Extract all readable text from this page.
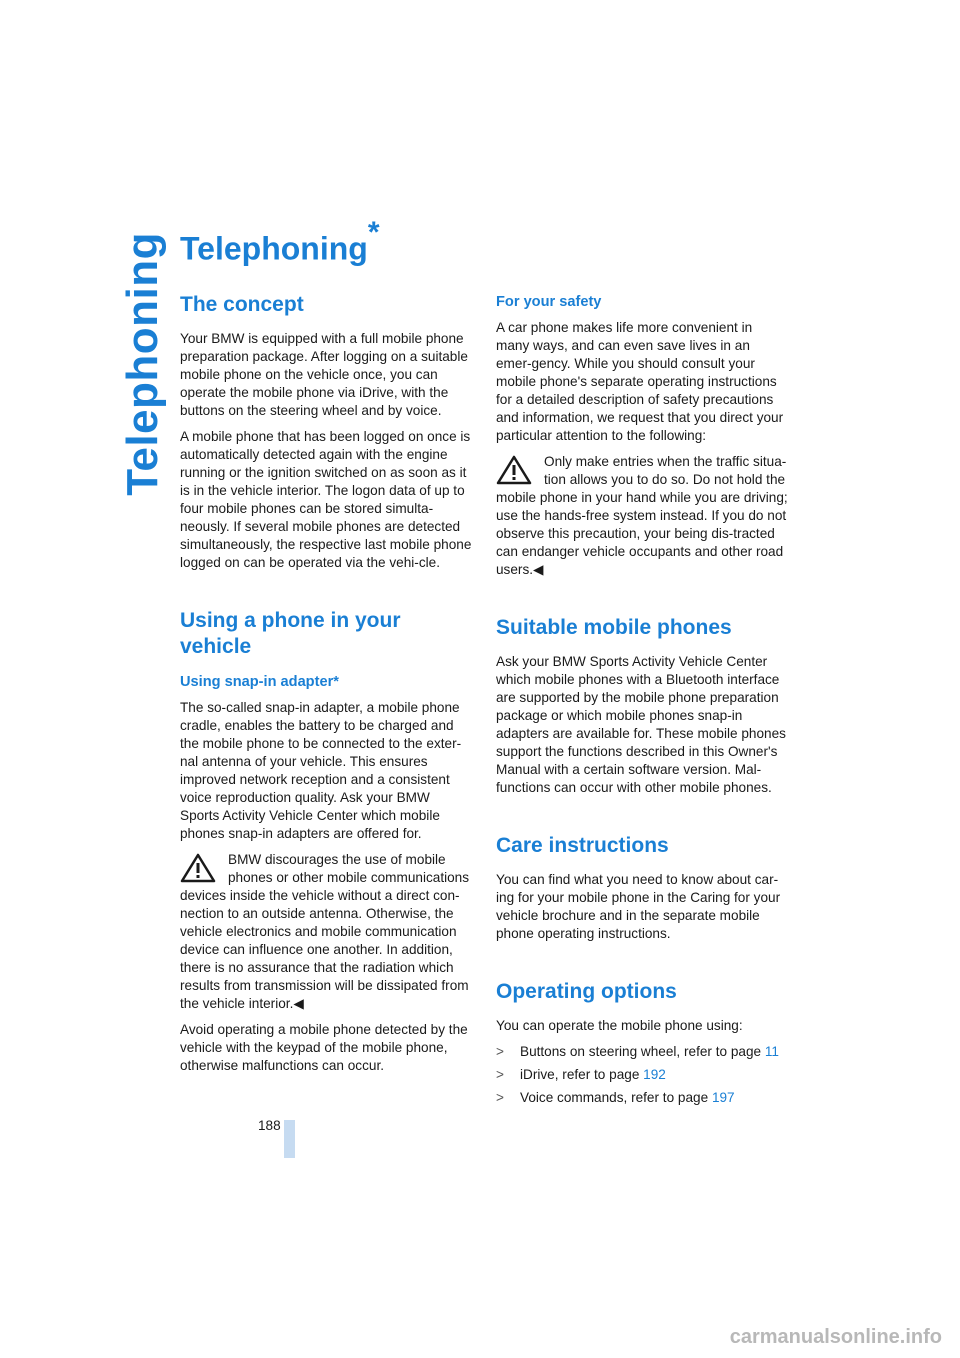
Telephoning Telephoning*
The concept

Your BMW is equipped with a full mobile phone preparation package. After logging on a suitable mobile phone on the vehicle once, you can operate the mobile phone via iDrive, with the buttons on the steering wheel and by voice.

A mobile phone that has been logged on once is automatically detected again with the engine running or the ignition switched on as soon as it is in the vehicle interior. The logon data of up to four mobile phones can be stored simulta-neously. If several mobile phones are detected simultaneously, the respective last mobile phone logged on can be operated via the vehi-cle.

Using a phone in your vehicle
Using snap-in adapter*

The so-called snap-in adapter, a mobile phone cradle, enables the battery to be charged and the mobile phone to be connected to the exter-nal antenna of your vehicle. This ensures improved network reception and a consistent voice reproduction quality. Ask your BMW Sports Activity Vehicle Center which mobile phones snap-in adapters are offered for.

BMW discourages the use of mobile phones or other mobile communications devices inside the vehicle without a direct con-nection to an outside antenna. Otherwise, the vehicle electronics and mobile communication device can influence one another. In addition, there is no assurance that the radiation which results from transmission will be dissipated from the vehicle interior.◀

Avoid operating a mobile phone detected by the vehicle with the keypad of the mobile phone, otherwise malfunctions can occur.

For your safety

A car phone makes life more convenient in many ways, and can even save lives in an emer-gency. While you should consult your mobile phone's separate operating instructions for a detailed description of safety precautions and information, we request that you direct your particular attention to the following:

Only make entries when the traffic situa-tion allows you to do so. Do not hold the mobile phone in your hand while you are driving; use the hands-free system instead. If you do not observe this precaution, your being dis-tracted can endanger vehicle occupants and other road users.◀
Suitable mobile phones

Ask your BMW Sports Activity Vehicle Center which mobile phones with a Bluetooth interface are supported by the mobile phone preparation package or which mobile phones snap-in adapters are available for. These mobile phones support the functions described in this Owner's Manual with a certain software version. Mal-functions can occur with other mobile phones.

Care instructions

You can find what you need to know about car-ing for your mobile phone in the Caring for your vehicle brochure and in the separate mobile phone operating instructions.

Operating options

You can operate the mobile phone using:

> Buttons on steering wheel, refer to page 11
> iDrive, refer to page 192
> Voice commands, refer to page 197
188
carmanualsonline.info
